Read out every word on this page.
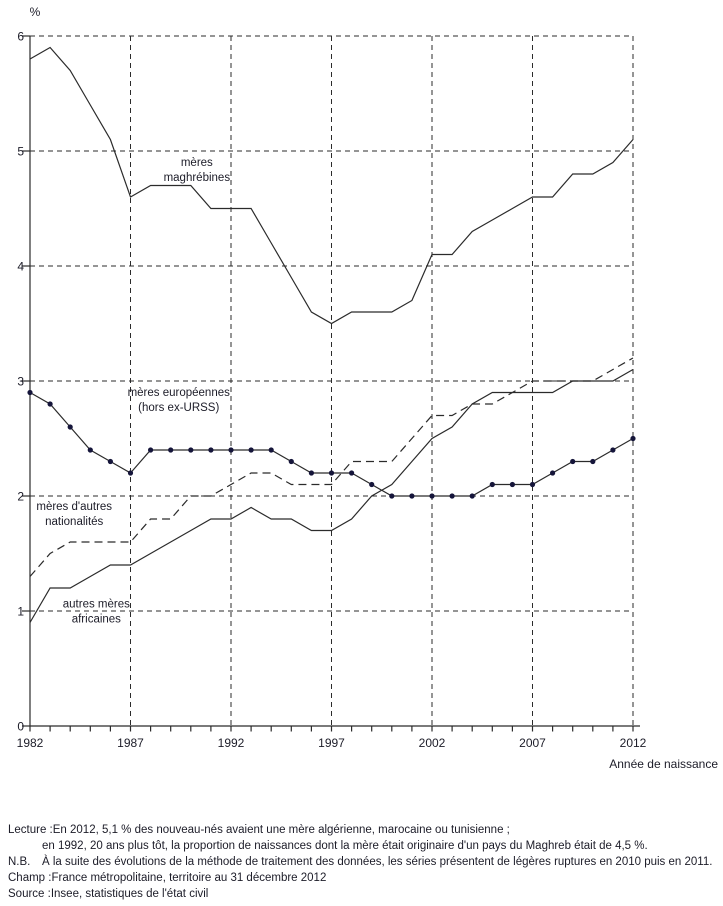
0
1
2
3
4
5
6
1982	1987	1992	1997	2002	2007	2012
%
Année de naissance
mères
maghrébines
mères européennes
(hors ex-URSS)
mères d'autres
nationalités
autres mères
africaines
Lecture : En 2012, 5,1 % des nouveau-nés avaient une mère algérienne, marocaine ou tunisienne ;
en 1992, 20 ans plus tôt, la proportion de naissances dont la mère était originaire d'un pays du Maghreb était de 4,5 %.
N.B.	À la suite des évolutions de la méthode de traitement des données, les séries présentent de légères ruptures en 2010 puis en 2011.
Champ : France métropolitaine, territoire au 31 décembre 2012
Source : Insee, statistiques de l'état civil
